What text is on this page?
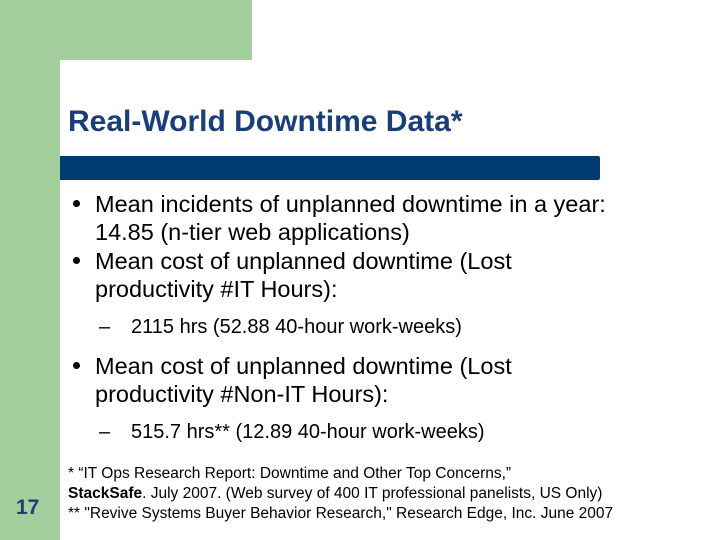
Real-World Downtime Data*
Mean incidents of unplanned downtime in a year:
14.85 (n-tier web applications)
Mean cost of unplanned downtime (Lost
productivity #IT Hours):
– 2115 hrs (52.88 40-hour work-weeks)
Mean cost of unplanned downtime (Lost
productivity #Non-IT Hours):
– 515.7 hrs** (12.89 40-hour work-weeks)
17
* “IT Ops Research Report: Downtime and Other Top Concerns,”
StackSafe. July 2007. (Web survey of 400 IT professional panelists, US Only)
** "Revive Systems Buyer Behavior Research," Research Edge, Inc. June 2007
